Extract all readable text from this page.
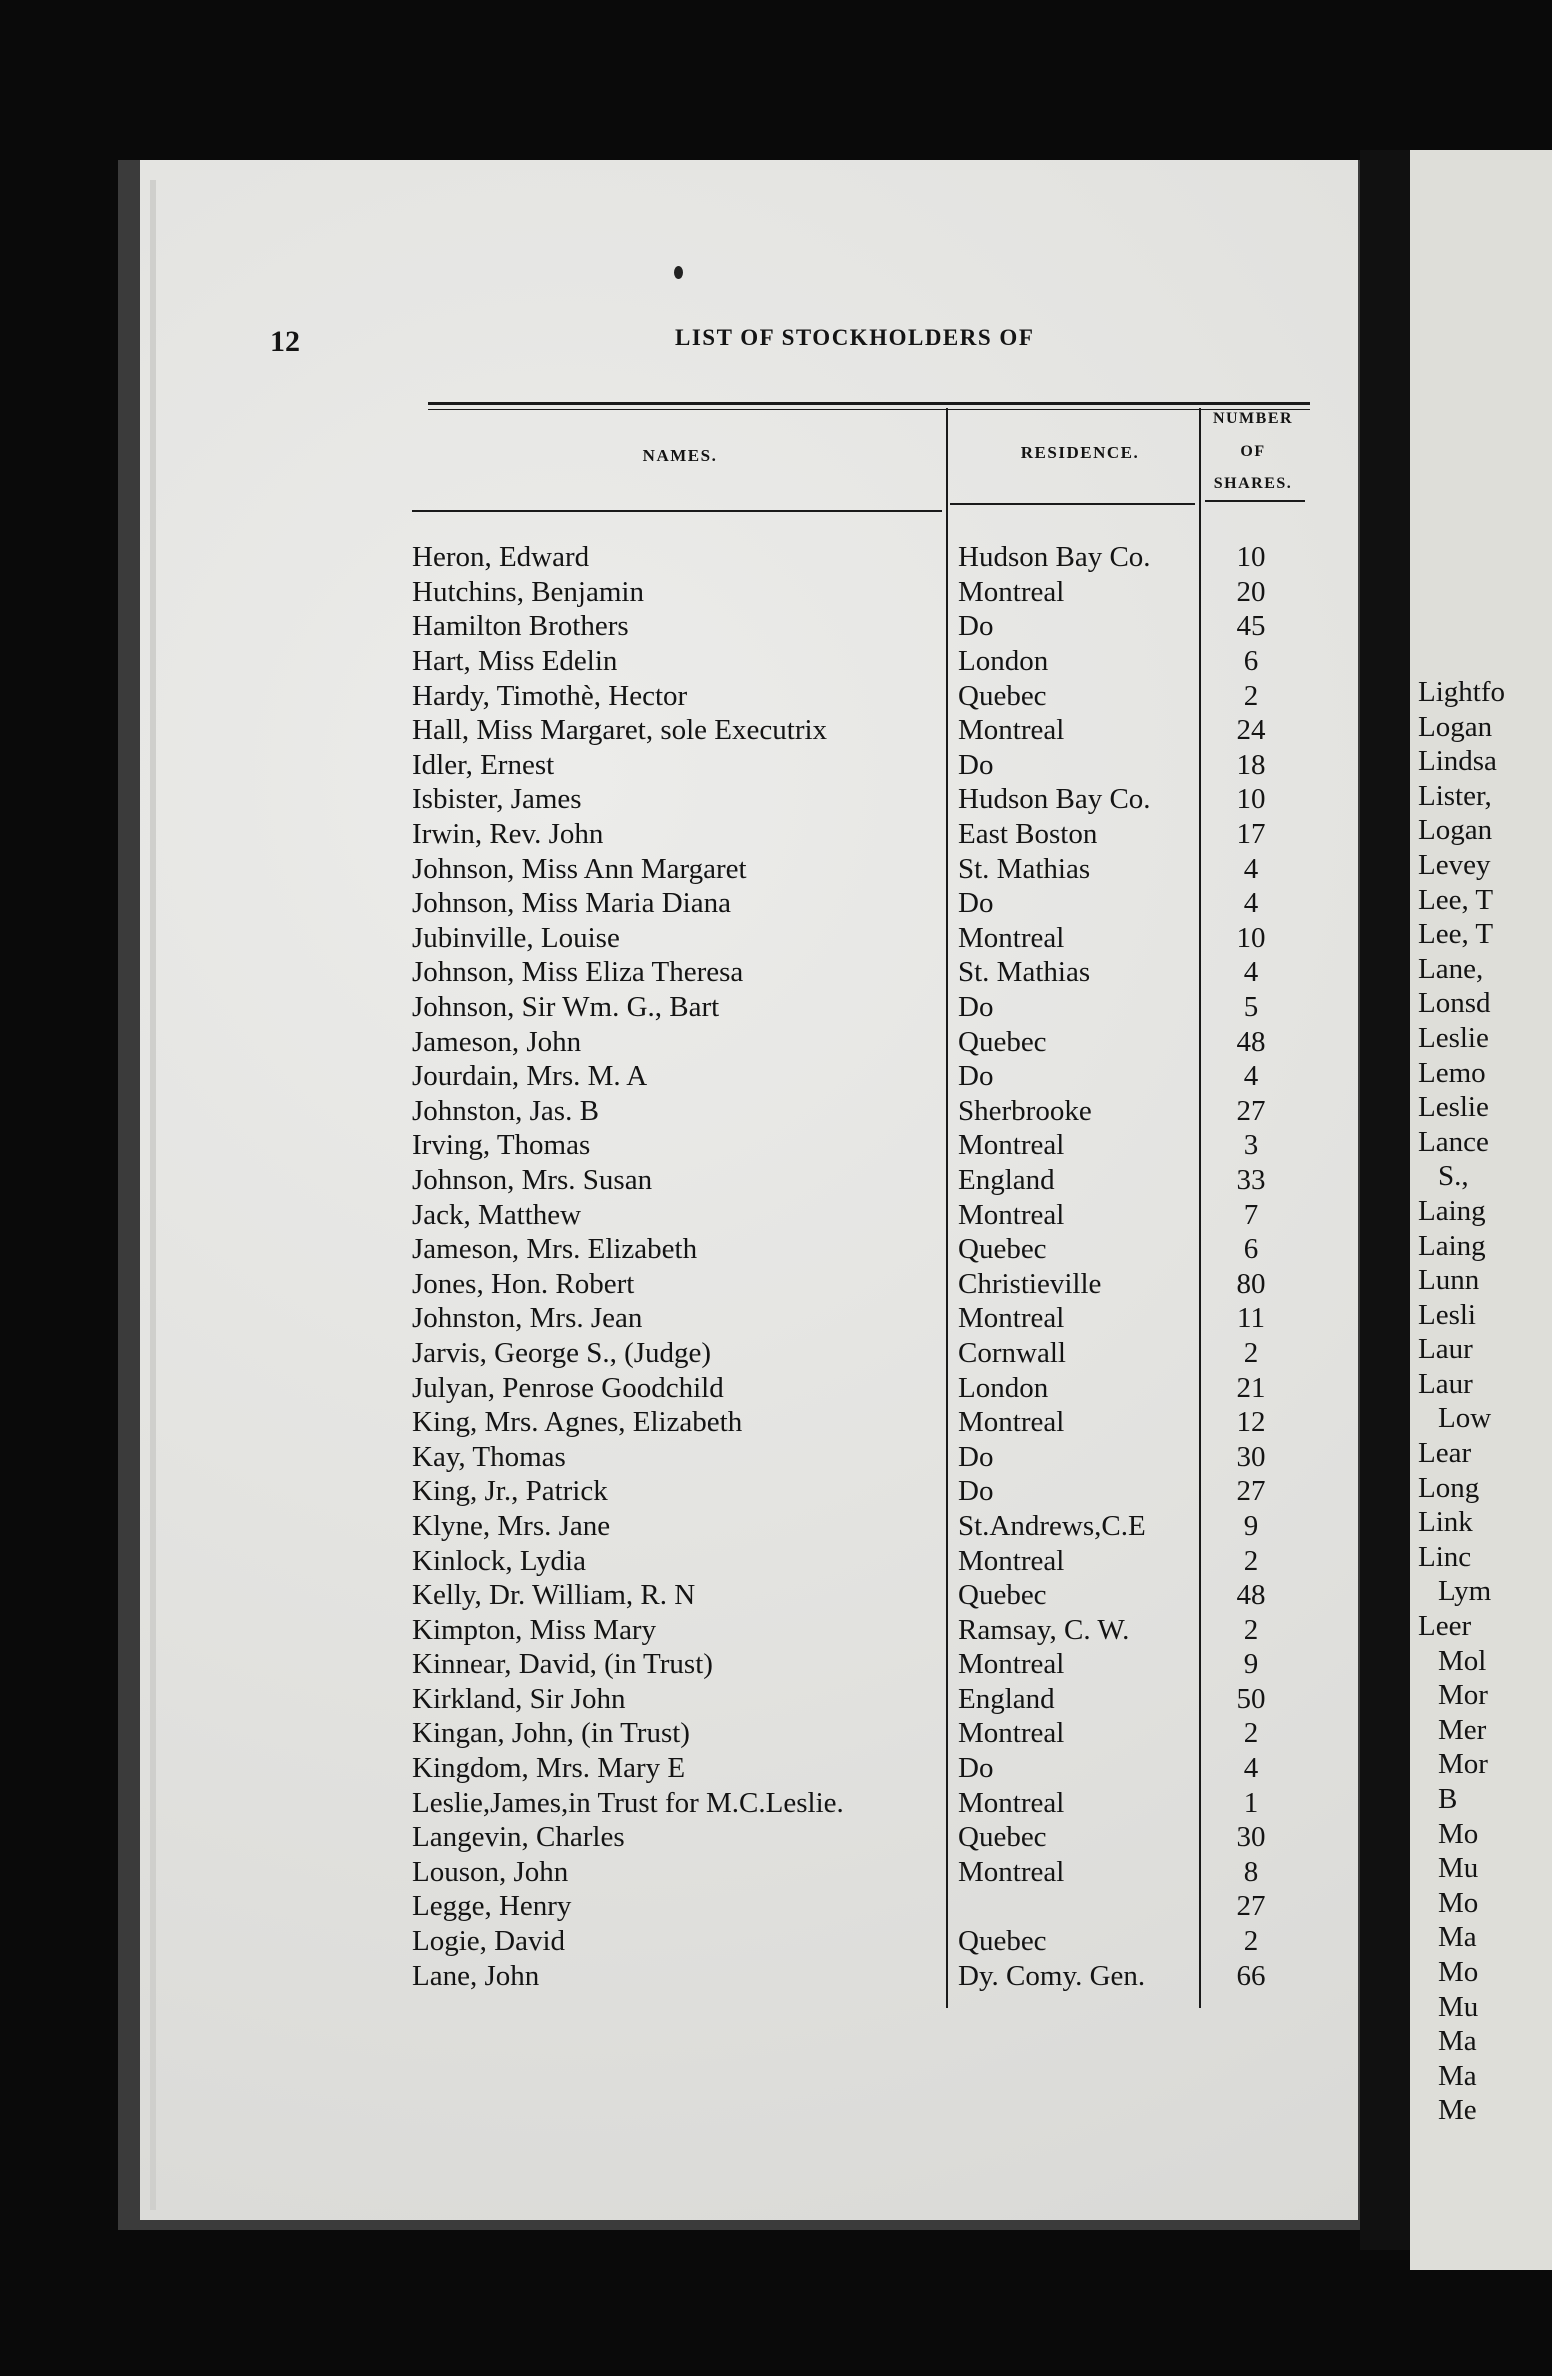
Lightfo
Logan
Lindsa
Lister,
Logan
Levey
Lee, T
Lee, T
Lane,
Lonsd
Leslie
Lemo
Leslie
Lance
S.,
Laing
Laing
Lunn
Lesli
Laur
Laur
Low
Lear
Long
Link
Linc
Lym
Leer
Mol
Mor
Mer
Mor
B
Mo
Mu
Mo
Ma
Mo
Mu
Ma
Ma
Me
12	LIST OF STOCKHOLDERS OF
NAMES.	RESIDENCE.
NUMBER
OF
SHARES.
Heron, Edward	Hudson Bay Co.	10
Hutchins, Benjamin	Montreal	20
Hamilton Brothers	Do	45
Hart, Miss Edelin	London	6
Hardy, Timothè, Hector	Quebec	2
Hall, Miss Margaret, sole Executrix	Montreal	24
Idler, Ernest	Do	18
Isbister, James	Hudson Bay Co.	10
Irwin, Rev. John	East Boston	17
Johnson, Miss Ann Margaret	St. Mathias	4
Johnson, Miss Maria Diana	Do	4
Jubinville, Louise	Montreal	10
Johnson, Miss Eliza Theresa	St. Mathias	4
Johnson, Sir Wm. G., Bart	Do	5
Jameson, John	Quebec	48
Jourdain, Mrs. M. A	Do	4
Johnston, Jas. B	Sherbrooke	27
Irving, Thomas	Montreal	3
Johnson, Mrs. Susan	England	33
Jack, Matthew	Montreal	7
Jameson, Mrs. Elizabeth	Quebec	6
Jones, Hon. Robert	Christieville	80
Johnston, Mrs. Jean	Montreal	11
Jarvis, George S., (Judge)	Cornwall	2
Julyan, Penrose Goodchild	London	21
King, Mrs. Agnes, Elizabeth	Montreal	12
Kay, Thomas	Do	30
King, Jr., Patrick	Do	27
Klyne, Mrs. Jane	St.Andrews,C.E	9
Kinlock, Lydia	Montreal	2
Kelly, Dr. William, R. N	Quebec	48
Kimpton, Miss Mary	Ramsay, C. W.	2
Kinnear, David, (in Trust)	Montreal	9
Kirkland, Sir John	England	50
Kingan, John, (in Trust)	Montreal	2
Kingdom, Mrs. Mary E	Do	4
Leslie,James,in Trust for M.C.Leslie.	Montreal	1
Langevin, Charles	Quebec	30
Louson, John	Montreal	8
Legge, Henry		27
Logie, David	Quebec	2
Lane, John	Dy. Comy. Gen.	66
